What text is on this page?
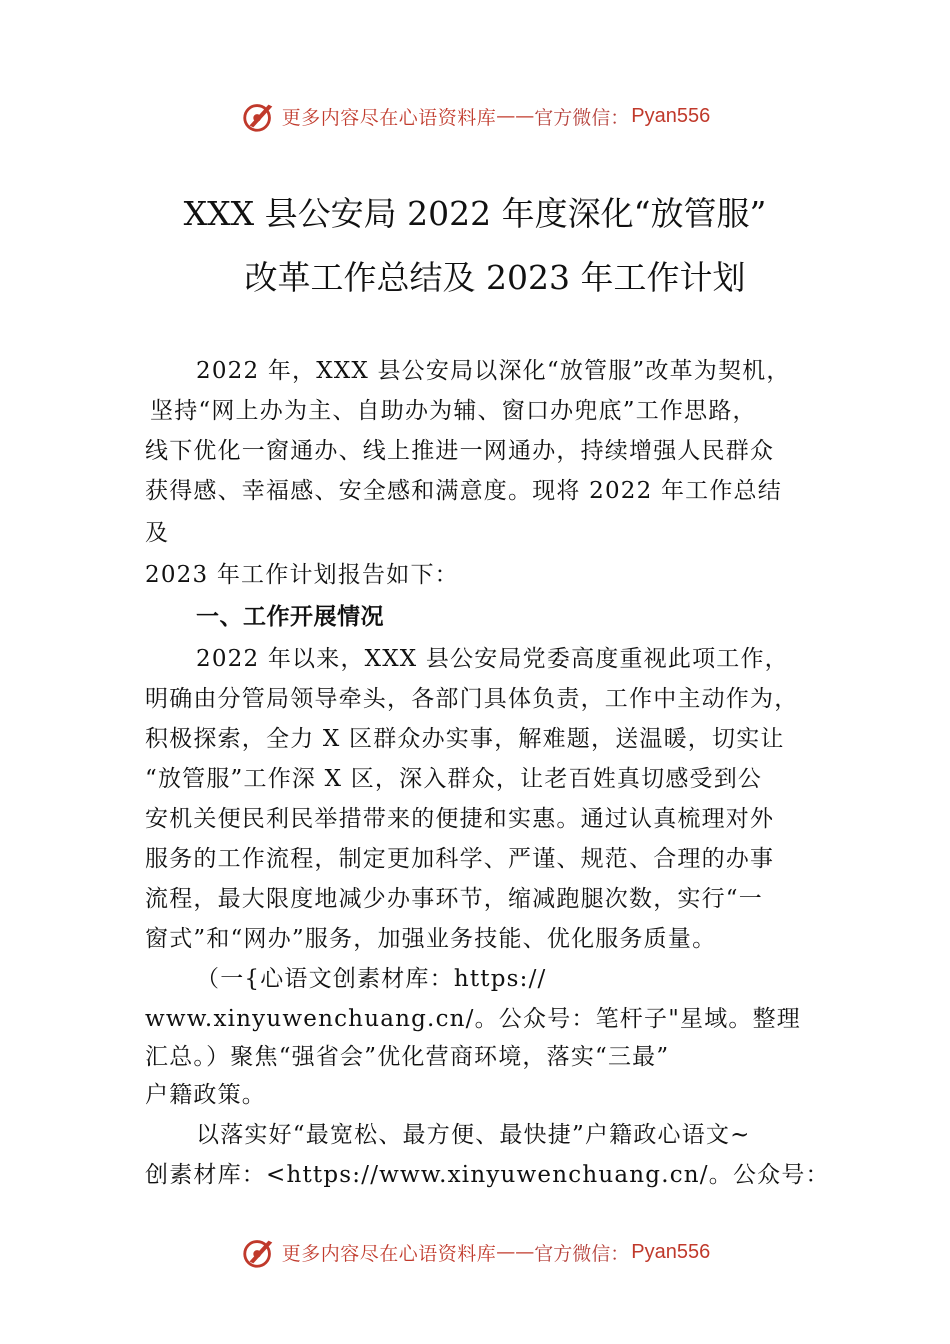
更多内容尽在心语资料库 —— 官方微信： Pyan556
XXX 县公安局 2022 年度深化“放管服”
改革工作总结及 2023 年工作计划
2022 年，XXX 县公安局以深化“放管服”改革为契机，
坚持“网上办为主、自助办为辅、窗口办兜底”工作思路，
线下优化一窗通办、线上推进一网通办，持续增强人民群众
获得感、幸福感、安全感和满意度。现将 2022 年工作总结
及
2023 年工作计划报告如下：
一、工作开展情况
2022 年以来，XXX 县公安局党委高度重视此项工作，
明确由分管局领导牵头，各部门具体负责，工作中主动作为，
积极探索，全力 X 区群众办实事，解难题，送温暖，切实让
“放管服”工作深 X 区，深入群众，让老百姓真切感受到公
安机关便民利民举措带来的便捷和实惠。通过认真梳理对外
服务的工作流程，制定更加科学、严谨、规范、合理的办事
流程，最大限度地减少办事环节，缩减跑腿次数，实行“一
窗式”和“网办”服务，加强业务技能、优化服务质量。
（一{心语文创素材库：https://
www.xinyuwenchuang.cn/。公众号：笔杆子"星域。整理
汇总。）聚焦“强省会”优化营商环境，落实“三最”
户籍政策。
以落实好“最宽松、最方便、最快捷”户籍政心语文~
创素材库：<https://www.xinyuwenchuang.cn/。公众号：
更多内容尽在心语资料库 —— 官方微信： Pyan556
